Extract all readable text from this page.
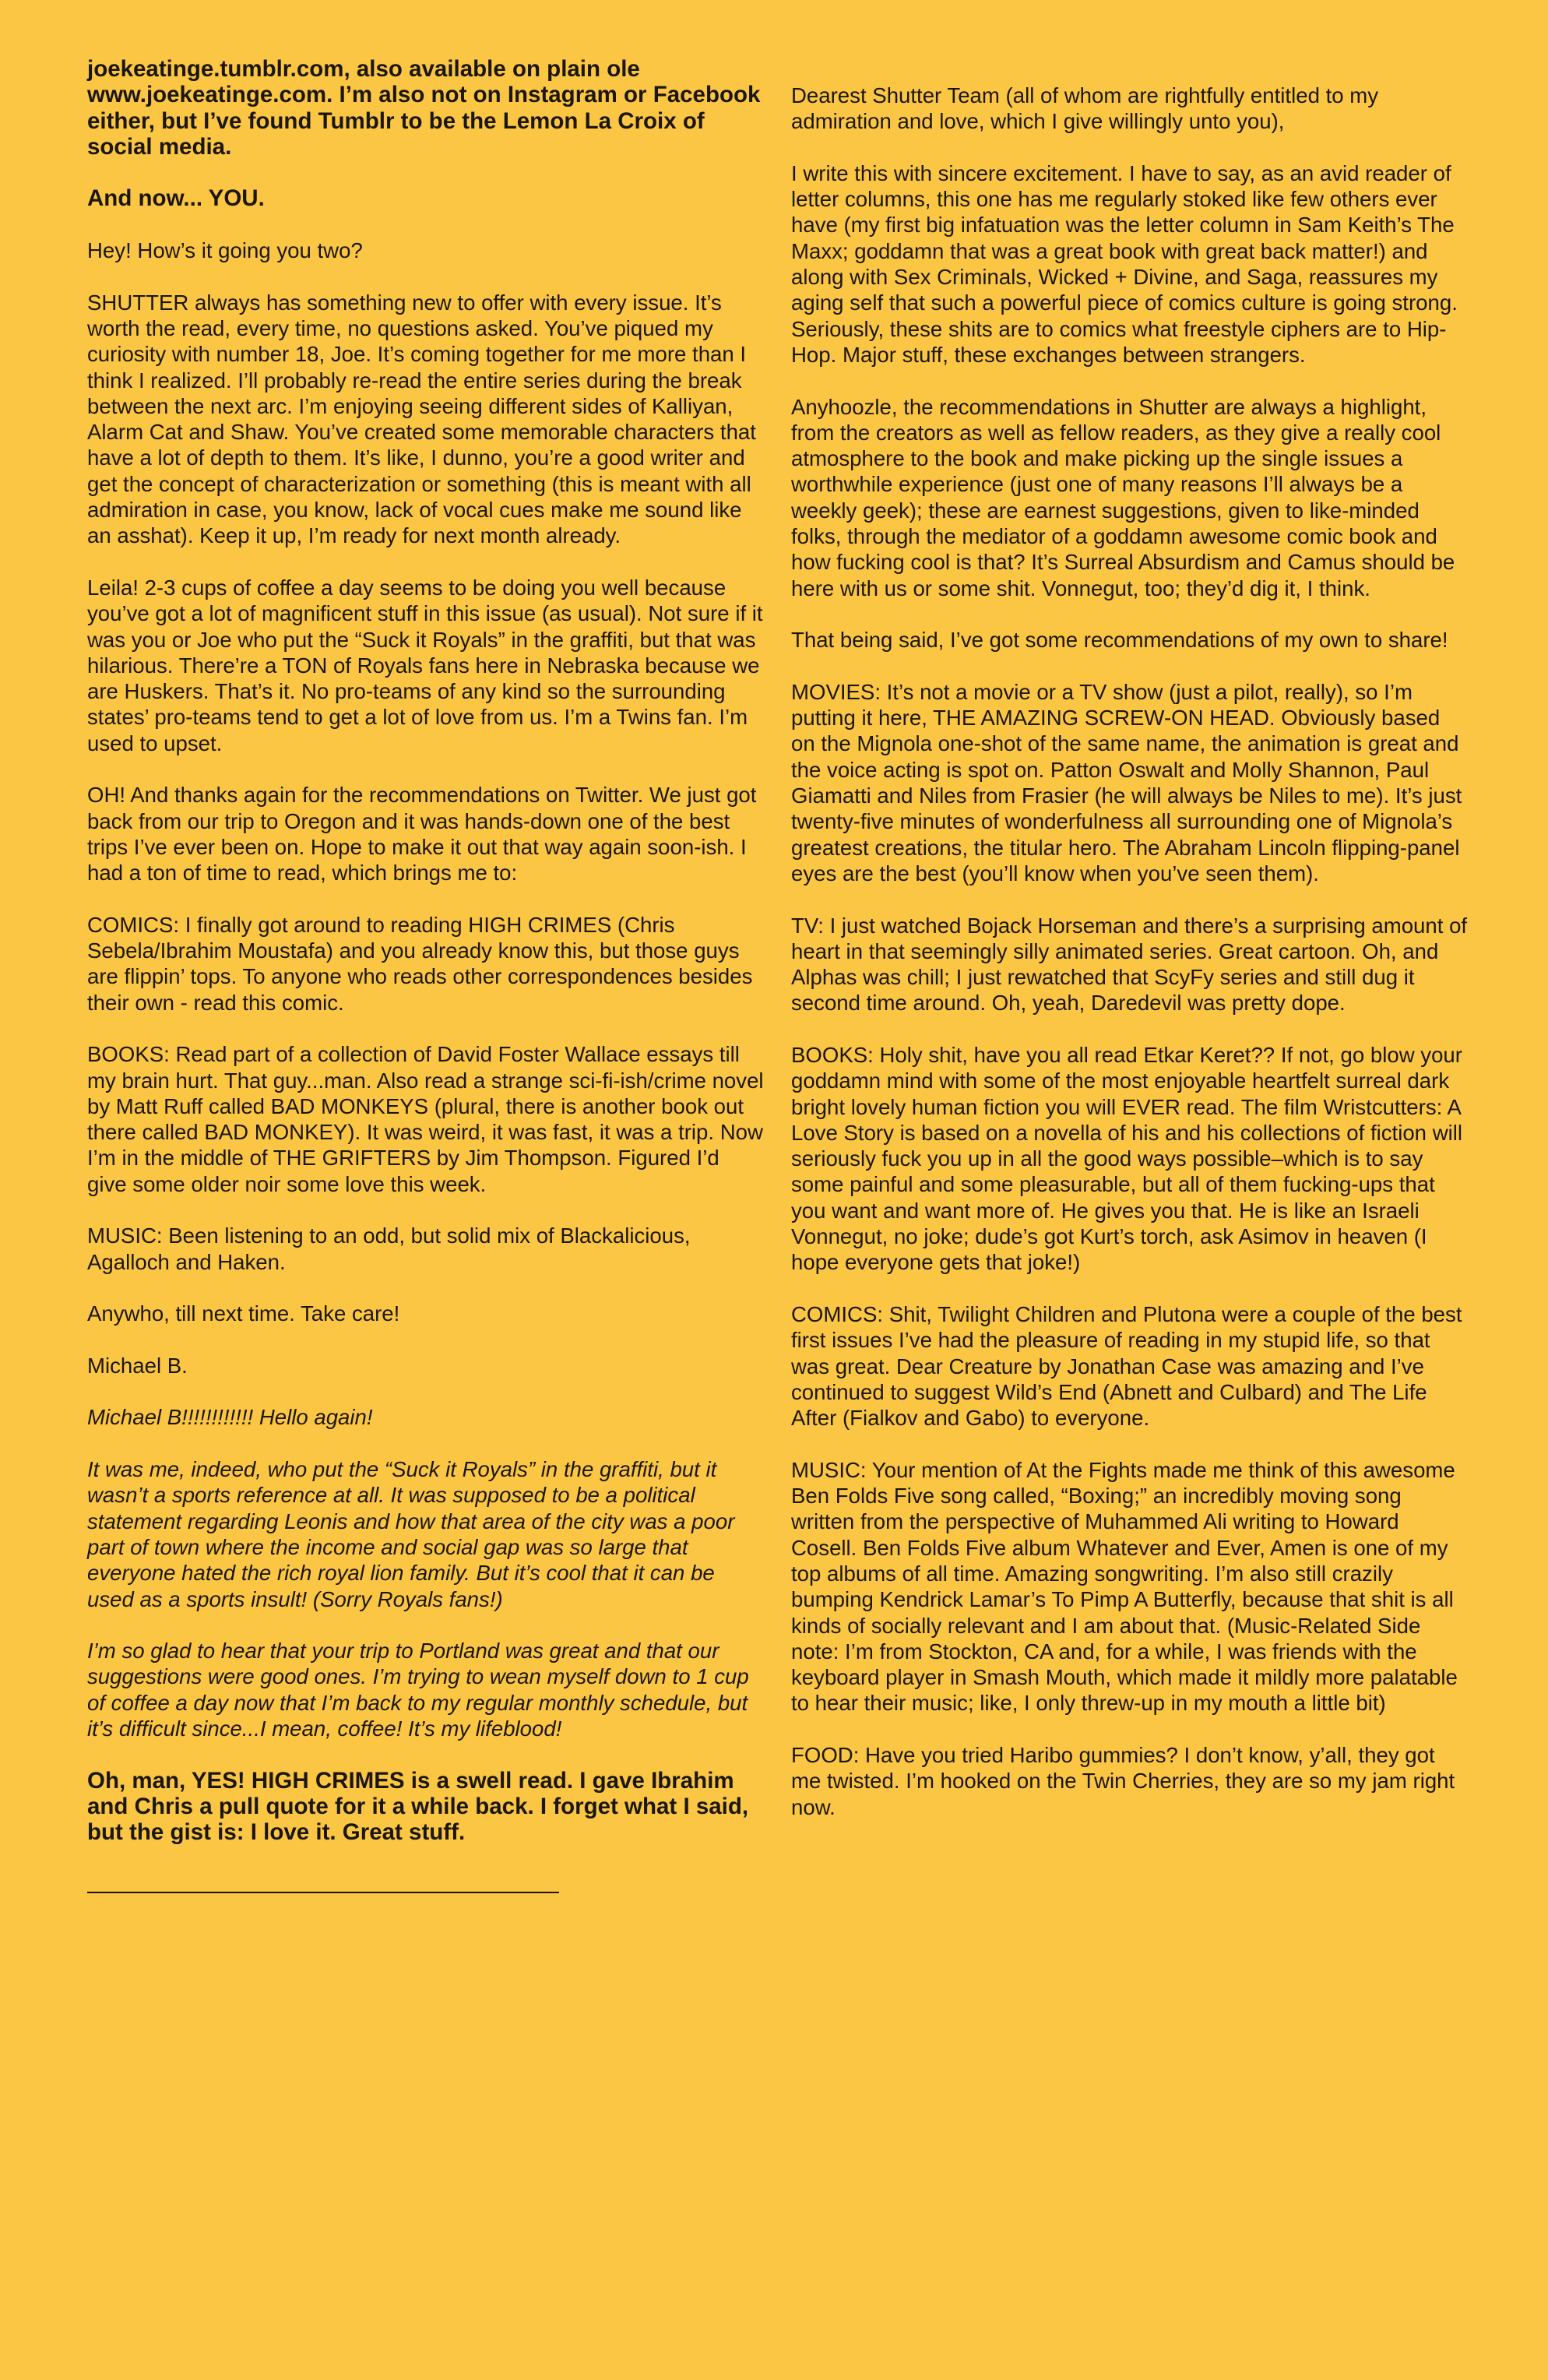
joekeatinge.tumblr.com, also available on plain ole www.joekeatinge.com. I’m also not on Instagram or Facebook either, but I’ve found Tumblr to be the Lemon La Croix of social media.

And now... YOU.

Hey! How’s it going you two?

SHUTTER always has something new to offer with every issue. It’s worth the read, every time, no questions asked. You’ve piqued my curiosity with number 18, Joe. It’s coming together for me more than I think I realized. I’ll probably re-read the entire series during the break between the next arc. I’m enjoying seeing different sides of Kalliyan, Alarm Cat and Shaw. You’ve created some memorable characters that have a lot of depth to them. It’s like, I dunno, you’re a good writer and get the concept of characterization or something (this is meant with all admiration in case, you know, lack of vocal cues make me sound like an asshat). Keep it up, I’m ready for next month already.

Leila! 2-3 cups of coffee a day seems to be doing you well because you’ve got a lot of magnificent stuff in this issue (as usual). Not sure if it was you or Joe who put the “Suck it Royals” in the graffiti, but that was hilarious. There’re a TON of Royals fans here in Nebraska because we are Huskers. That’s it. No pro-teams of any kind so the surrounding states’ pro-teams tend to get a lot of love from us. I’m a Twins fan. I’m used to upset.

OH! And thanks again for the recommendations on Twitter. We just got back from our trip to Oregon and it was hands-down one of the best trips I’ve ever been on. Hope to make it out that way again soon-ish. I had a ton of time to read, which brings me to:

COMICS: I finally got around to reading HIGH CRIMES (Chris Sebela/Ibrahim Moustafa) and you already know this, but those guys are flippin’ tops. To anyone who reads other correspondences besides their own - read this comic.

BOOKS: Read part of a collection of David Foster Wallace essays till my brain hurt. That guy...man. Also read a strange sci-fi-ish/crime novel by Matt Ruff called BAD MONKEYS (plural, there is another book out there called BAD MONKEY). It was weird, it was fast, it was a trip. Now I’m in the middle of THE GRIFTERS by Jim Thompson. Figured I’d give some older noir some love this week.

MUSIC: Been listening to an odd, but solid mix of Blackalicious, Agalloch and Haken.

Anywho, till next time. Take care!

Michael B.

Michael B!!!!!!!!!!!! Hello again!

It was me, indeed, who put the “Suck it Royals” in the graffiti, but it wasn’t a sports reference at all. It was supposed to be a political statement regarding Leonis and how that area of the city was a poor part of town where the income and social gap was so large that everyone hated the rich royal lion family. But it’s cool that it can be used as a sports insult! (Sorry Royals fans!)

I’m so glad to hear that your trip to Portland was great and that our suggestions were good ones. I’m trying to wean myself down to 1 cup of coffee a day now that I’m back to my regular monthly schedule, but it’s difficult since...I mean, coffee! It’s my lifeblood!

Oh, man, YES! HIGH CRIMES is a swell read. I gave Ibrahim and Chris a pull quote for it a while back. I forget what I said, but the gist is: I love it. Great stuff.

Dearest Shutter Team (all of whom are rightfully entitled to my admiration and love, which I give willingly unto you),

I write this with sincere excitement. I have to say, as an avid reader of letter columns, this one has me regularly stoked like few others ever have (my first big infatuation was the letter column in Sam Keith’s The Maxx; goddamn that was a great book with great back matter!) and along with Sex Criminals, Wicked + Divine, and Saga, reassures my aging self that such a powerful piece of comics culture is going strong. Seriously, these shits are to comics what freestyle ciphers are to Hip-Hop. Major stuff, these exchanges between strangers.

Anyhoozle, the recommendations in Shutter are always a highlight, from the creators as well as fellow readers, as they give a really cool atmosphere to the book and make picking up the single issues a worthwhile experience (just one of many reasons I’ll always be a weekly geek); these are earnest suggestions, given to like-minded folks, through the mediator of a goddamn awesome comic book and how fucking cool is that? It’s Surreal Absurdism and Camus should be here with us or some shit. Vonnegut, too; they’d dig it, I think.

That being said, I’ve got some recommendations of my own to share!

MOVIES: It’s not a movie or a TV show (just a pilot, really), so I’m putting it here, THE AMAZING SCREW-ON HEAD. Obviously based on the Mignola one-shot of the same name, the animation is great and the voice acting is spot on. Patton Oswalt and Molly Shannon, Paul Giamatti and Niles from Frasier (he will always be Niles to me). It’s just twenty-five minutes of wonderfulness all surrounding one of Mignola’s greatest creations, the titular hero. The Abraham Lincoln flipping-panel eyes are the best (you’ll know when you’ve seen them).

TV: I just watched Bojack Horseman and there’s a surprising amount of heart in that seemingly silly animated series. Great cartoon. Oh, and Alphas was chill; I just rewatched that ScyFy series and still dug it second time around. Oh, yeah, Daredevil was pretty dope.

BOOKS: Holy shit, have you all read Etkar Keret?? If not, go blow your goddamn mind with some of the most enjoyable heartfelt surreal dark bright lovely human fiction you will EVER read. The film Wristcutters: A Love Story is based on a novella of his and his collections of fiction will seriously fuck you up in all the good ways possible–which is to say some painful and some pleasurable, but all of them fucking-ups that you want and want more of. He gives you that. He is like an Israeli Vonnegut, no joke; dude’s got Kurt’s torch, ask Asimov in heaven (I hope everyone gets that joke!)

COMICS: Shit, Twilight Children and Plutona were a couple of the best first issues I’ve had the pleasure of reading in my stupid life, so that was great. Dear Creature by Jonathan Case was amazing and I’ve continued to suggest Wild’s End (Abnett and Culbard) and The Life After (Fialkov and Gabo) to everyone.

MUSIC: Your mention of At the Fights made me think of this awesome Ben Folds Five song called, “Boxing;” an incredibly moving song written from the perspective of Muhammed Ali writing to Howard Cosell. Ben Folds Five album Whatever and Ever, Amen is one of my top albums of all time. Amazing songwriting. I’m also still crazily bumping Kendrick Lamar’s To Pimp A Butterfly, because that shit is all kinds of socially relevant and I am about that. (Music-Related Side note: I’m from Stockton, CA and, for a while, I was friends with the keyboard player in Smash Mouth, which made it mildly more palatable to hear their music; like, I only threw-up in my mouth a little bit)

FOOD: Have you tried Haribo gummies? I don’t know, y’all, they got me twisted. I’m hooked on the Twin Cherries, they are so my jam right now.
